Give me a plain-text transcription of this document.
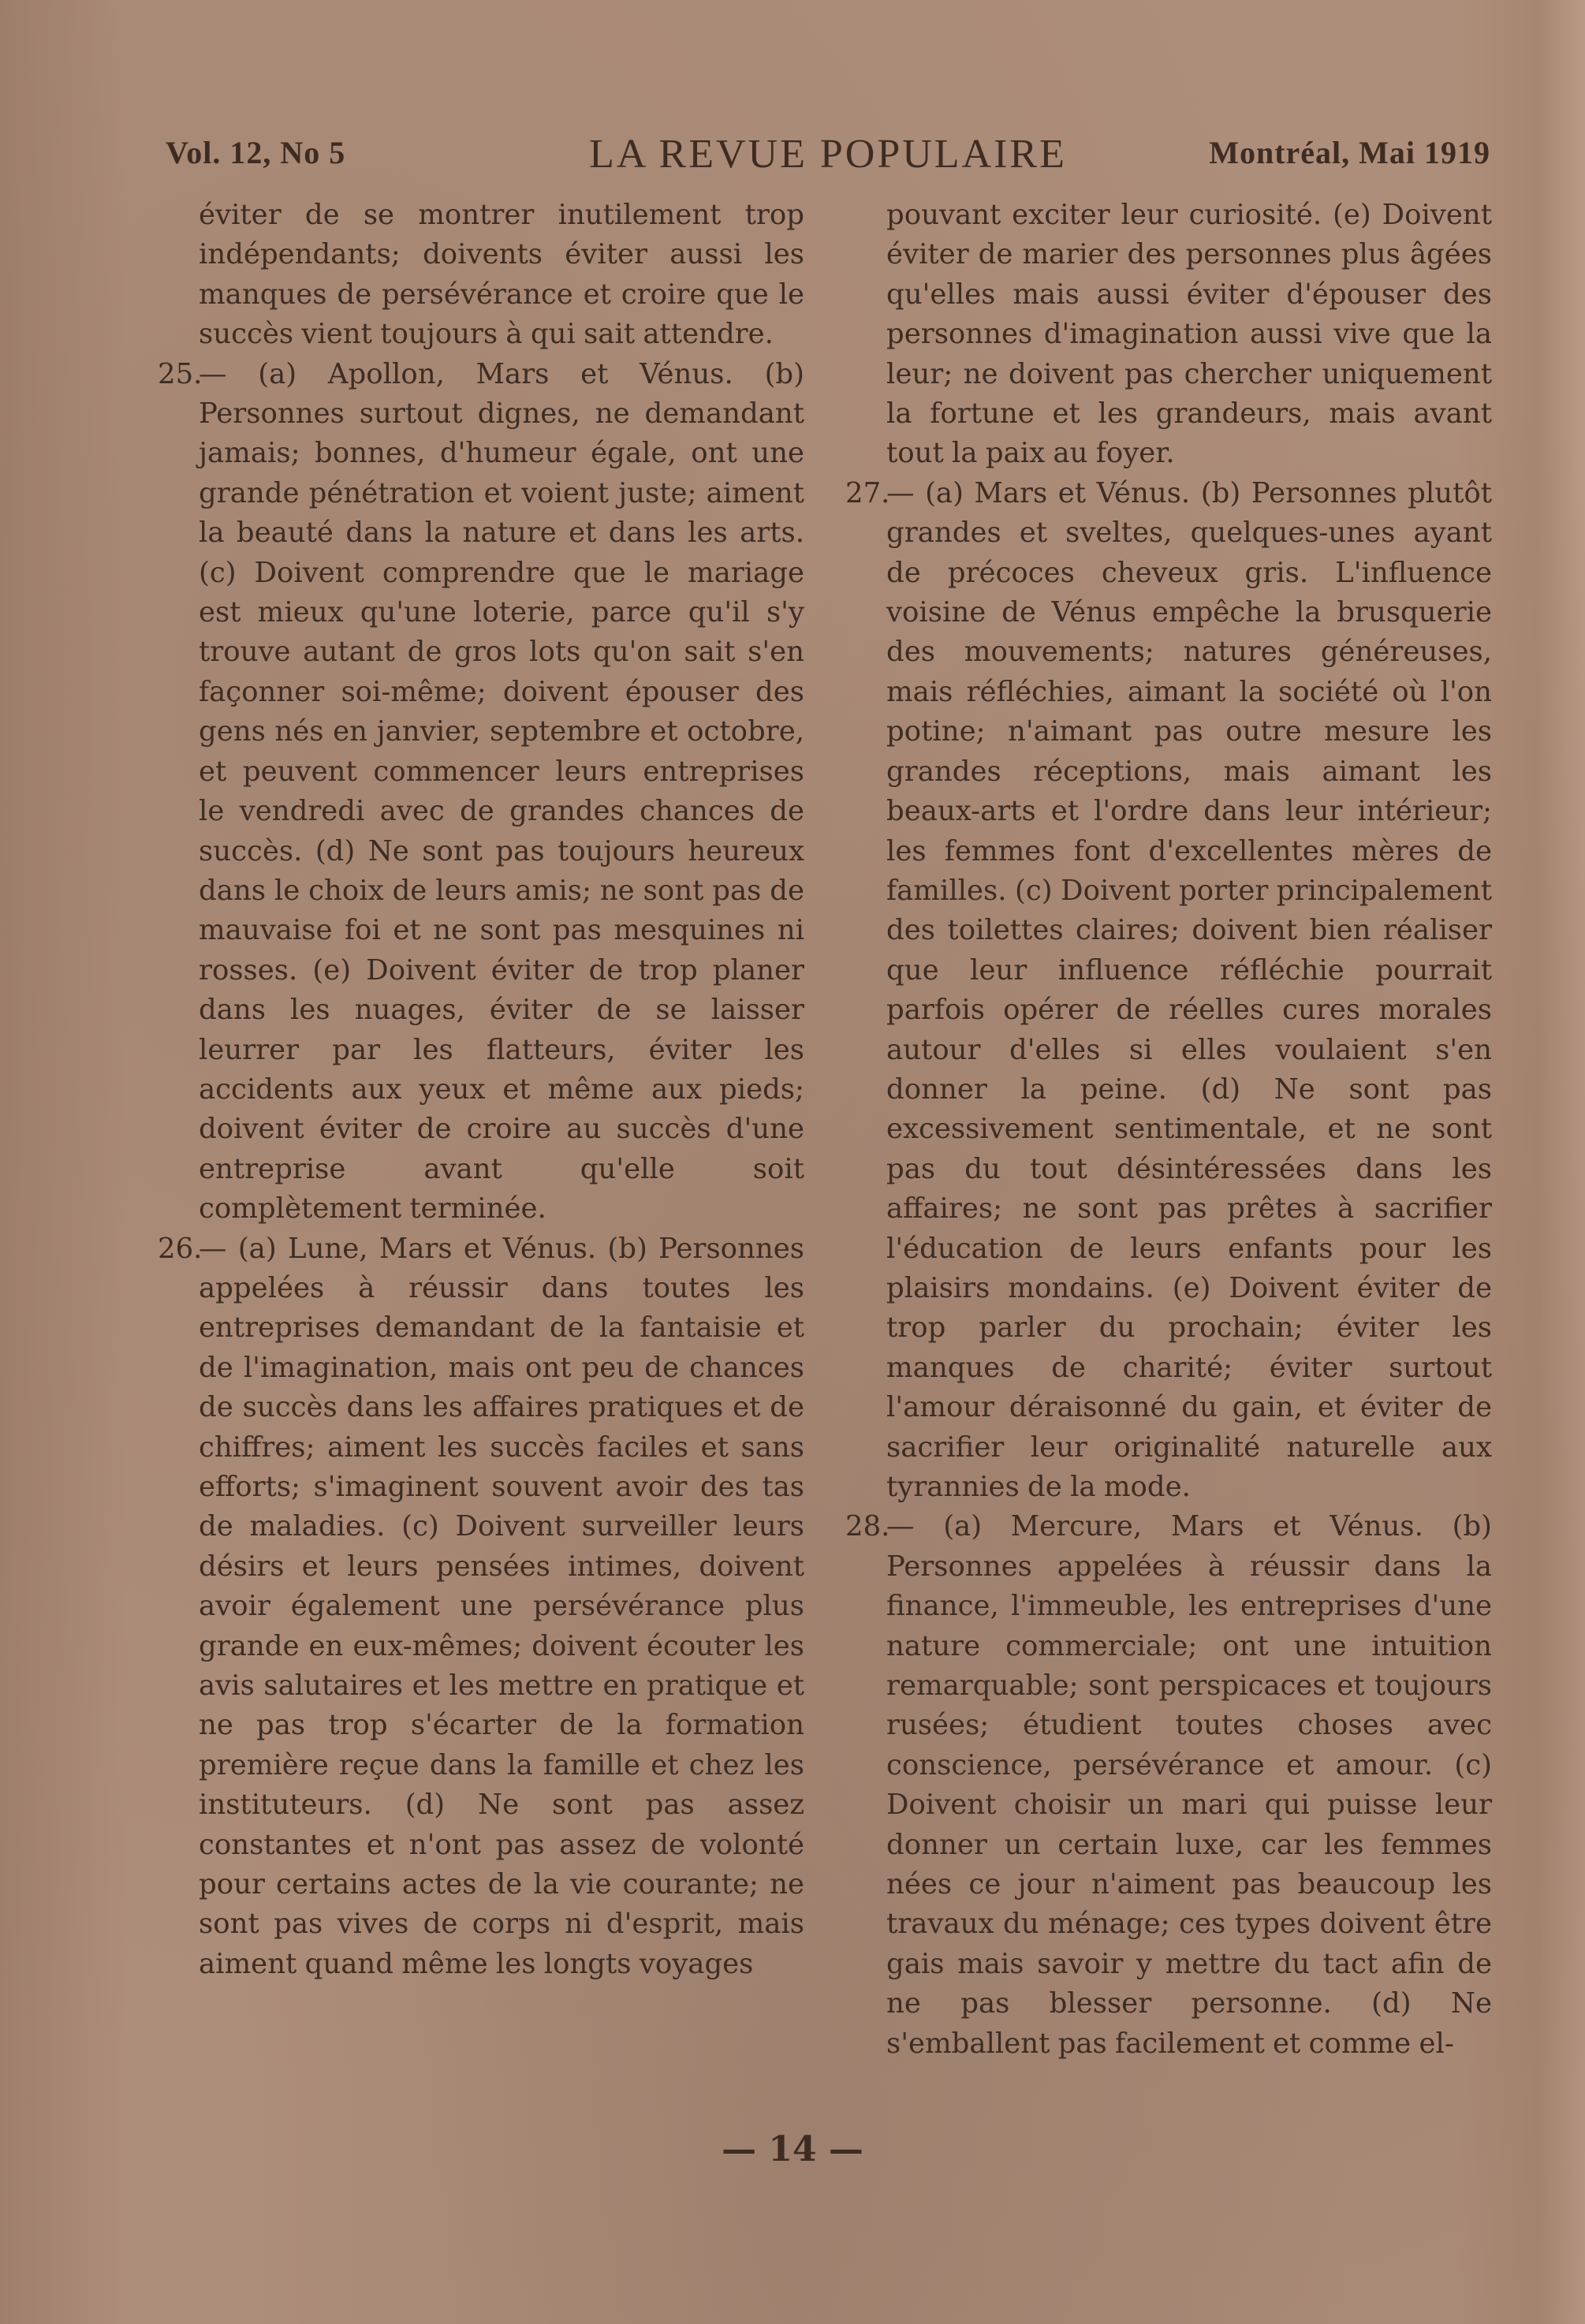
Vol. 12, No 5	LA REVUE POPULAIRE	Montréal, Mai 1919

éviter de se montrer inutilement trop indépendants; doivents éviter aussi les manques de persévérance et croire que le succès vient toujours à qui sait attendre.

25.— (a) Apollon, Mars et Vénus. (b) Personnes surtout dignes, ne demandant jamais; bonnes, d'humeur égale, ont une grande pénétration et voient juste; aiment la beauté dans la nature et dans les arts. (c) Doivent comprendre que le mariage est mieux qu'une loterie, parce qu'il s'y trouve autant de gros lots qu'on sait s'en façonner soi-même; doivent épouser des gens nés en janvier, septembre et octobre, et peuvent commencer leurs entreprises le vendredi avec de grandes chances de succès. (d) Ne sont pas toujours heureux dans le choix de leurs amis; ne sont pas de mauvaise foi et ne sont pas mesquines ni rosses. (e) Doivent éviter de trop planer dans les nuages, éviter de se laisser leurrer par les flatteurs, éviter les accidents aux yeux et même aux pieds; doivent éviter de croire au succès d'une entreprise avant qu'elle soit complètement terminée.

26.— (a) Lune, Mars et Vénus. (b) Personnes appelées à réussir dans toutes les entreprises demandant de la fantaisie et de l'imagination, mais ont peu de chances de succès dans les affaires pratiques et de chiffres; aiment les succès faciles et sans efforts; s'imaginent souvent avoir des tas de maladies. (c) Doivent surveiller leurs désirs et leurs pensées intimes, doivent avoir également une persévérance plus grande en eux-mêmes; doivent écouter les avis salutaires et les mettre en pratique et ne pas trop s'écarter de la formation première reçue dans la famille et chez les instituteurs. (d) Ne sont pas assez constantes et n'ont pas assez de volonté pour certains actes de la vie courante; ne sont pas vives de corps ni d'esprit, mais aiment quand même les longts voyages

pouvant exciter leur curiosité. (e) Doivent éviter de marier des personnes plus âgées qu'elles mais aussi éviter d'épouser des personnes d'imagination aussi vive que la leur; ne doivent pas chercher uniquement la fortune et les grandeurs, mais avant tout la paix au foyer.

27.— (a) Mars et Vénus. (b) Personnes plutôt grandes et sveltes, quelques-unes ayant de précoces cheveux gris. L'influence voisine de Vénus empêche la brusquerie des mouvements; natures généreuses, mais réfléchies, aimant la société où l'on potine; n'aimant pas outre mesure les grandes réceptions, mais aimant les beaux-arts et l'ordre dans leur intérieur; les femmes font d'excellentes mères de familles. (c) Doivent porter principalement des toilettes claires; doivent bien réaliser que leur influence réfléchie pourrait parfois opérer de réelles cures morales autour d'elles si elles voulaient s'en donner la peine. (d) Ne sont pas excessivement sentimentale, et ne sont pas du tout désintéressées dans les affaires; ne sont pas prêtes à sacrifier l'éducation de leurs enfants pour les plaisirs mondains. (e) Doivent éviter de trop parler du prochain; éviter les manques de charité; éviter surtout l'amour déraisonné du gain, et éviter de sacrifier leur originalité naturelle aux tyrannies de la mode.

28.— (a) Mercure, Mars et Vénus. (b) Personnes appelées à réussir dans la finance, l'immeuble, les entreprises d'une nature commerciale; ont une intuition remarquable; sont perspicaces et toujours rusées; étudient toutes choses avec conscience, persévérance et amour. (c) Doivent choisir un mari qui puisse leur donner un certain luxe, car les femmes nées ce jour n'aiment pas beaucoup les travaux du ménage; ces types doivent être gais mais savoir y mettre du tact afin de ne pas blesser personne. (d) Ne s'emballent pas facilement et comme el-

— 14 —
